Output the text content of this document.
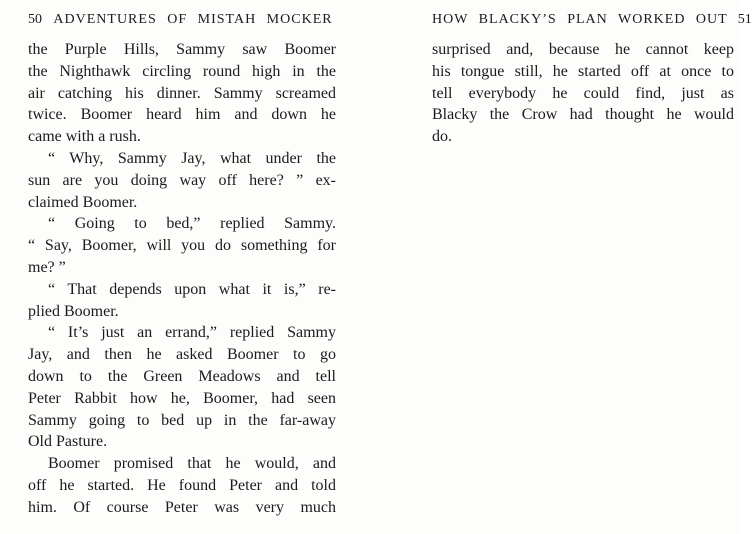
50 ADVENTURES OF MISTAH MOCKER
the Purple Hills, Sammy saw Boomer
the Nighthawk circling round high in the
air catching his dinner. Sammy screamed
twice. Boomer heard him and down he
came with a rush.
“ Why, Sammy Jay, what under the
sun are you doing way off here? ” ex-
claimed Boomer.
“ Going to bed,” replied Sammy.
“ Say, Boomer, will you do something for
me? ”
“ That depends upon what it is,” re-
plied Boomer.
“ It’s just an errand,” replied Sammy
Jay, and then he asked Boomer to go
down to the Green Meadows and tell
Peter Rabbit how he, Boomer, had seen
Sammy going to bed up in the far-away
Old Pasture.
Boomer promised that he would, and
off he started. He found Peter and told
him. Of course Peter was very much
HOW BLACKY’S PLAN WORKED OUT 51
surprised and, because he cannot keep
his tongue still, he started off at once to
tell everybody he could find, just as
Blacky the Crow had thought he would
do.
